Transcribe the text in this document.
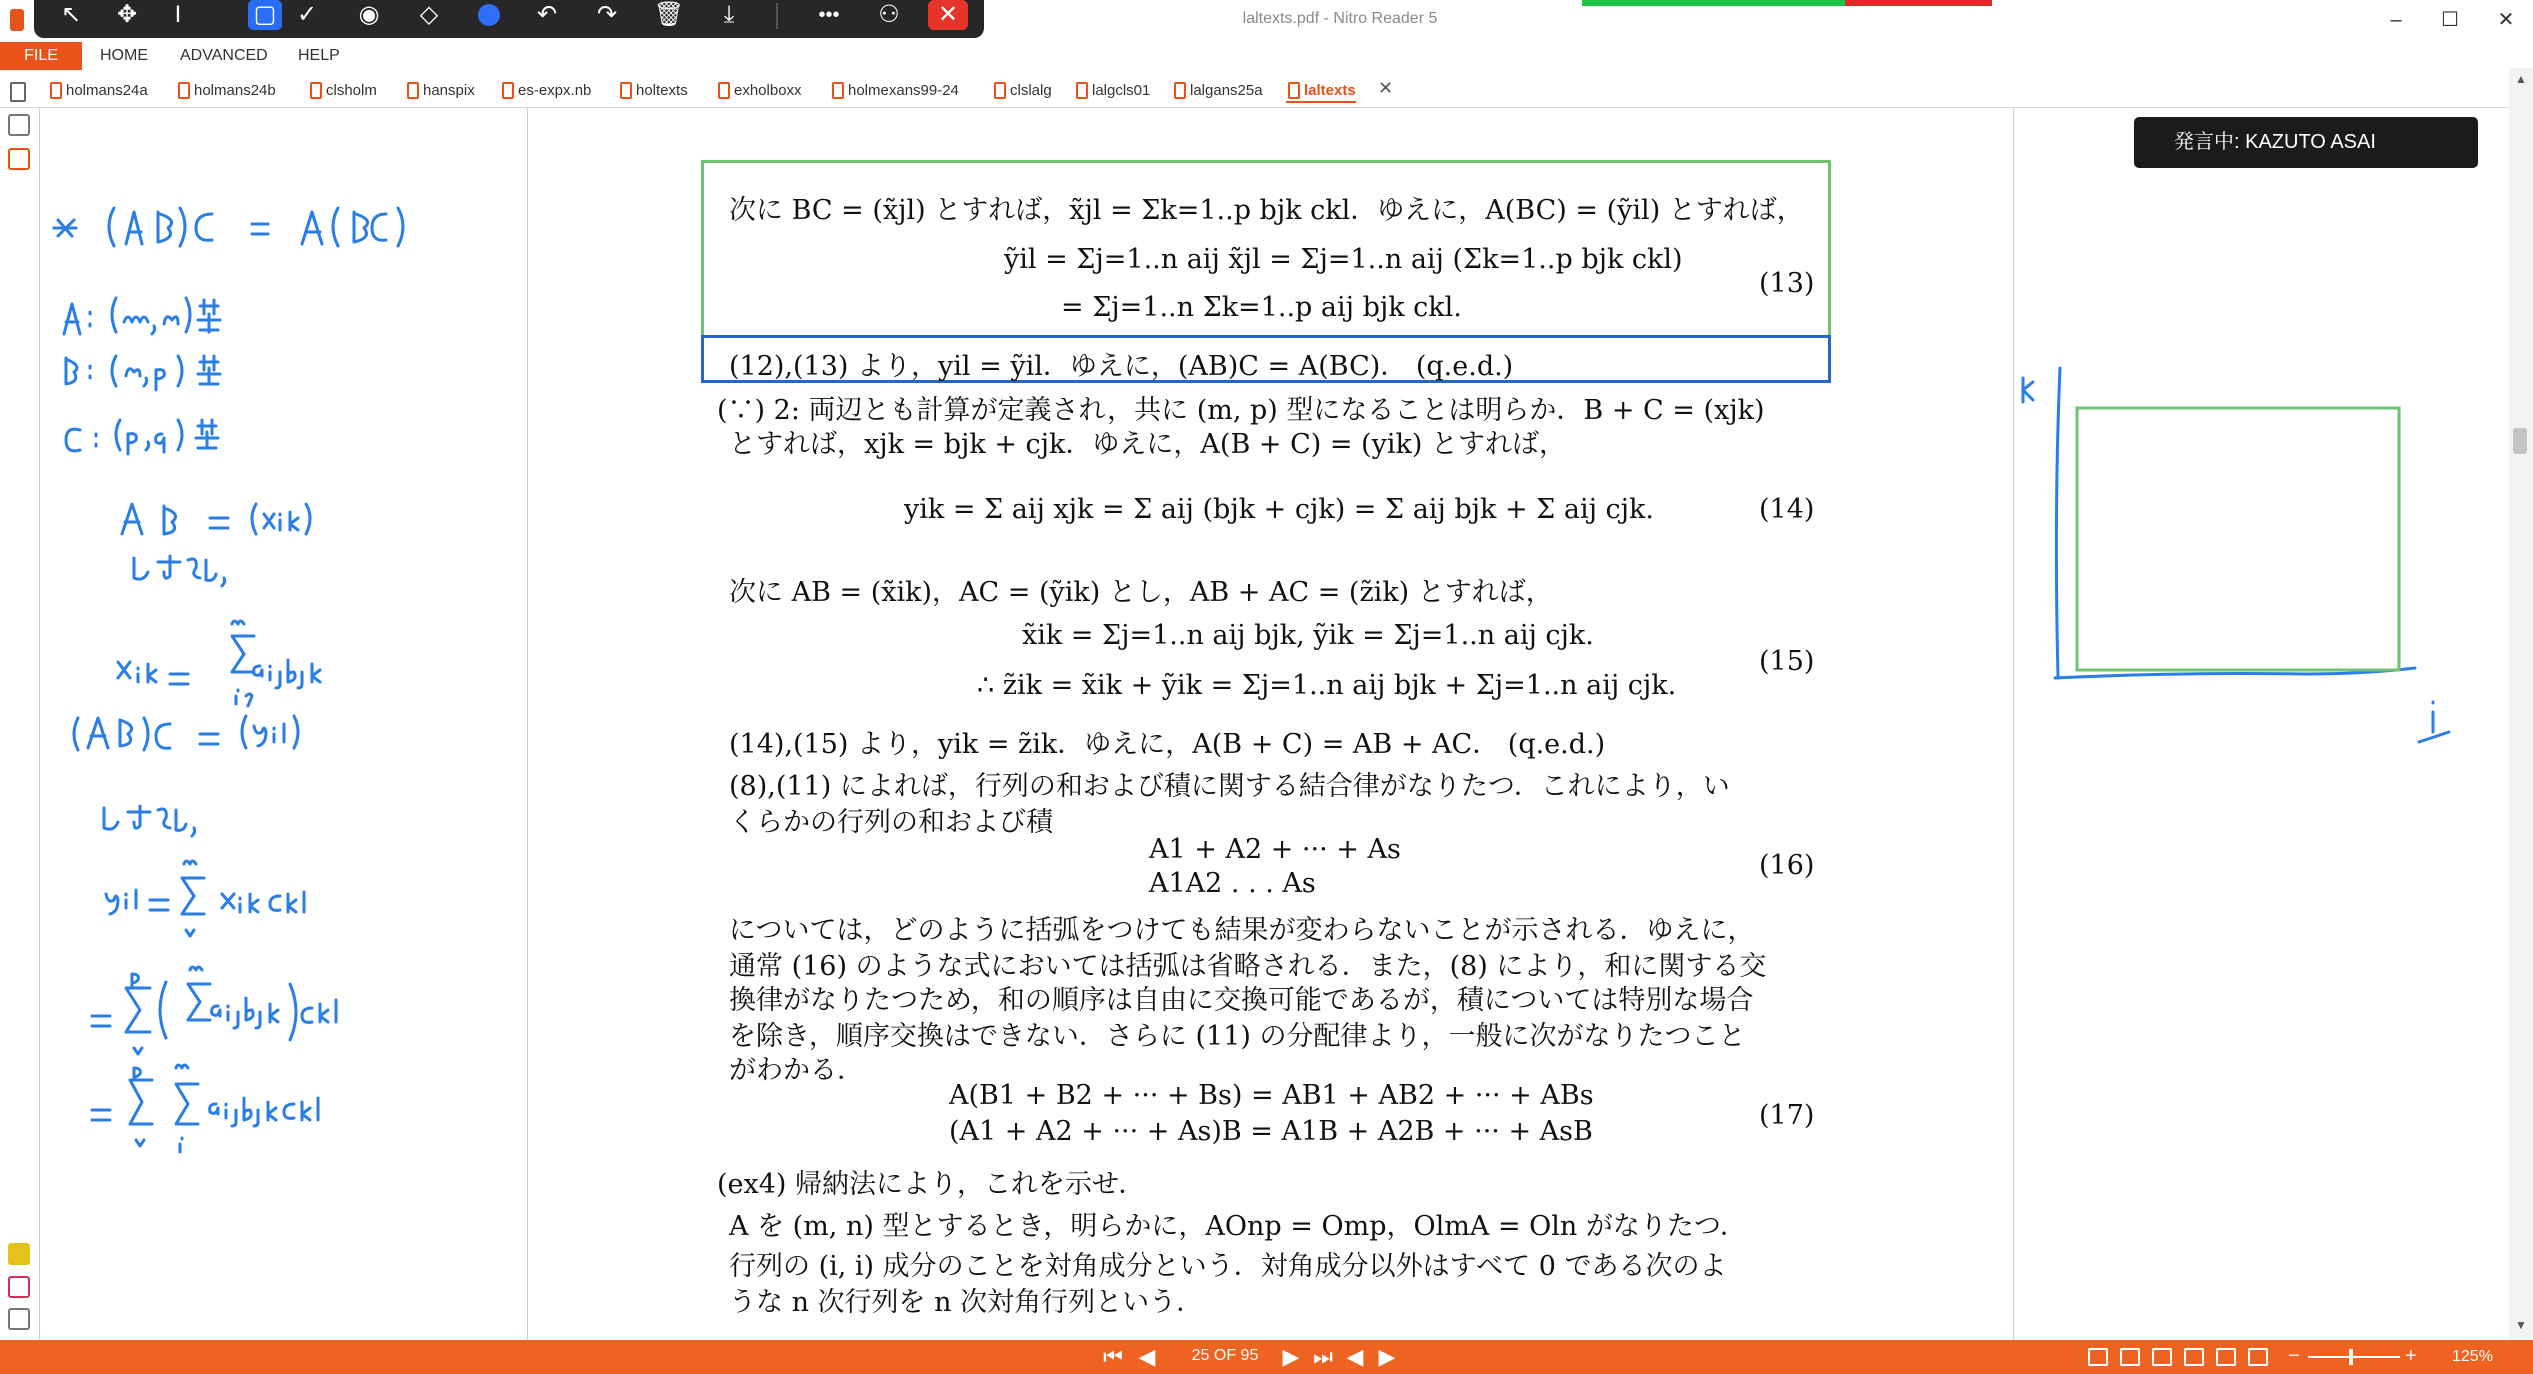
laltexts.pdf - Nitro Reader 5	–	☐	✕
↖	✥	I	▢ ✓	◉	◇	↶	↷	🗑	⤓	•••	⚇	✕
FILE	HOME ADVANCED HELP
holmans24a	holmans24b	clsholm	hanspix	es-expx.nb	holtexts	exholboxx	holmexans99-24	clslalg	lalgcls01	lalgans25a	laltexts ✕
次に BC = (x̃jl) とすれば，x̃jl = Σk=1..p bjk ckl．ゆえに，A(BC) = (ỹil) とすれば，
ỹil = Σj=1..n aij x̃jl = Σj=1..n aij (Σk=1..p bjk ckl)
= Σj=1..n Σk=1..p aij bjk ckl.
(13)
(12),(13) より，yil = ỹil．ゆえに，(AB)C = A(BC)． (q.e.d.)
(∵) 2: 両辺とも計算が定義され，共に (m, p) 型になることは明らか．B + C = (xjk)
とすれば，xjk = bjk + cjk．ゆえに，A(B + C) = (yik) とすれば，
yik = Σ aij xjk = Σ aij (bjk + cjk) = Σ aij bjk + Σ aij cjk.	(14)
次に AB = (x̃ik)，AC = (ỹik) とし，AB + AC = (z̃ik) とすれば，
x̃ik = Σj=1..n aij bjk, ỹik = Σj=1..n aij cjk.
∴ z̃ik = x̃ik + ỹik = Σj=1..n aij bjk + Σj=1..n aij cjk.
(15)
(14),(15) より，yik = z̃ik．ゆえに，A(B + C) = AB + AC． (q.e.d.)
(8),(11) によれば，行列の和および積に関する結合律がなりたつ．これにより，い
くらかの行列の和および積
A1 + A2 + ··· + As
A1A2 . . . As
(16)
については，どのように括弧をつけても結果が変わらないことが示される．ゆえに，
通常 (16) のような式においては括弧は省略される．また，(8) により，和に関する交
換律がなりたつため，和の順序は自由に交換可能であるが，積については特別な場合
を除き，順序交換はできない．さらに (11) の分配律より，一般に次がなりたつこと
がわかる．
A(B1 + B2 + ··· + Bs) = AB1 + AB2 + ··· + ABs
(A1 + A2 + ··· + As)B = A1B + A2B + ··· + AsB
(17)
(ex4) 帰納法により，これを示せ．
A を (m, n) 型とするとき，明らかに，AOnp = Omp，OlmA = Oln がなりたつ．
行列の (i, i) 成分のことを対角成分という．対角成分以外はすべて 0 である次のよ
うな n 次行列を n 次対角行列という．
発言中: KAZUTO ASAI
▲
▼
⏮ ◀	25 OF 95	▶ ⏭ ◀ ▶	−	+ 125%
